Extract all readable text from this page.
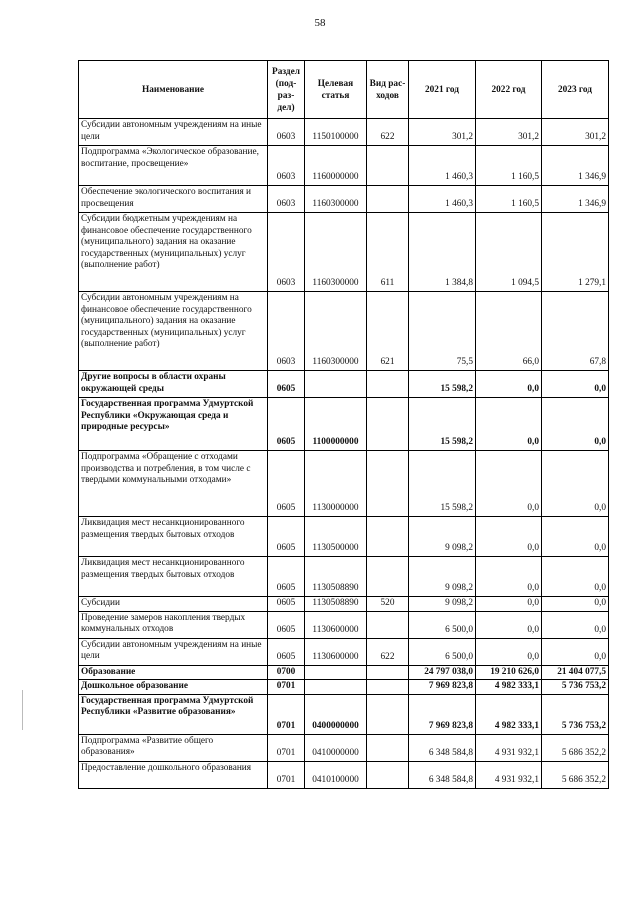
58
Наименование	Раздел (под- раз- дел)	Целевая статья	Вид рас- ходов	2021 год	2022 год	2023 год
Субсидии автономным учреждениям на иные цели	0603	1150100000	622	301,2	301,2	301,2
Подпрограмма «Экологическое образование, воспитание, просвещение»	0603	1160000000		1 460,3	1 160,5	1 346,9
Обеспечение экологического воспитания и просвещения	0603	1160300000		1 460,3	1 160,5	1 346,9
Субсидии бюджетным учреждениям на финансовое обеспечение государственного (муниципального) задания на оказание государственных (муниципальных) услуг (выполнение работ)	0603	1160300000	611	1 384,8	1 094,5	1 279,1
Субсидии автономным учреждениям на финансовое обеспечение государственного (муниципального) задания на оказание государственных (муниципальных) услуг (выполнение работ)	0603	1160300000	621	75,5	66,0	67,8
Другие вопросы в области охраны окружающей среды	0605			15 598,2	0,0	0,0
Государственная программа Удмуртской Республики «Окружающая среда и природные ресурсы»	0605	1100000000		15 598,2	0,0	0,0
Подпрограмма «Обращение с отходами производства и потребления, в том числе с твердыми коммунальными отходами»	0605	1130000000		15 598,2	0,0	0,0
Ликвидация мест несанкционированного размещения твердых бытовых отходов	0605	1130500000		9 098,2	0,0	0,0
Ликвидация мест несанкционированного размещения твердых бытовых отходов	0605	1130508890		9 098,2	0,0	0,0
Субсидии	0605	1130508890	520	9 098,2	0,0	0,0
Проведение замеров накопления твердых коммунальных отходов	0605	1130600000		6 500,0	0,0	0,0
Субсидии автономным учреждениям на иные цели	0605	1130600000	622	6 500,0	0,0	0,0
Образование	0700			24 797 038,0	19 210 626,0	21 404 077,5
Дошкольное образование	0701			7 969 823,8	4 982 333,1	5 736 753,2
Государственная программа Удмуртской Республики «Развитие образования»	0701	0400000000		7 969 823,8	4 982 333,1	5 736 753,2
Подпрограмма «Развитие общего образования»	0701	0410000000		6 348 584,8	4 931 932,1	5 686 352,2
Предоставление дошкольного образования	0701	0410100000		6 348 584,8	4 931 932,1	5 686 352,2
